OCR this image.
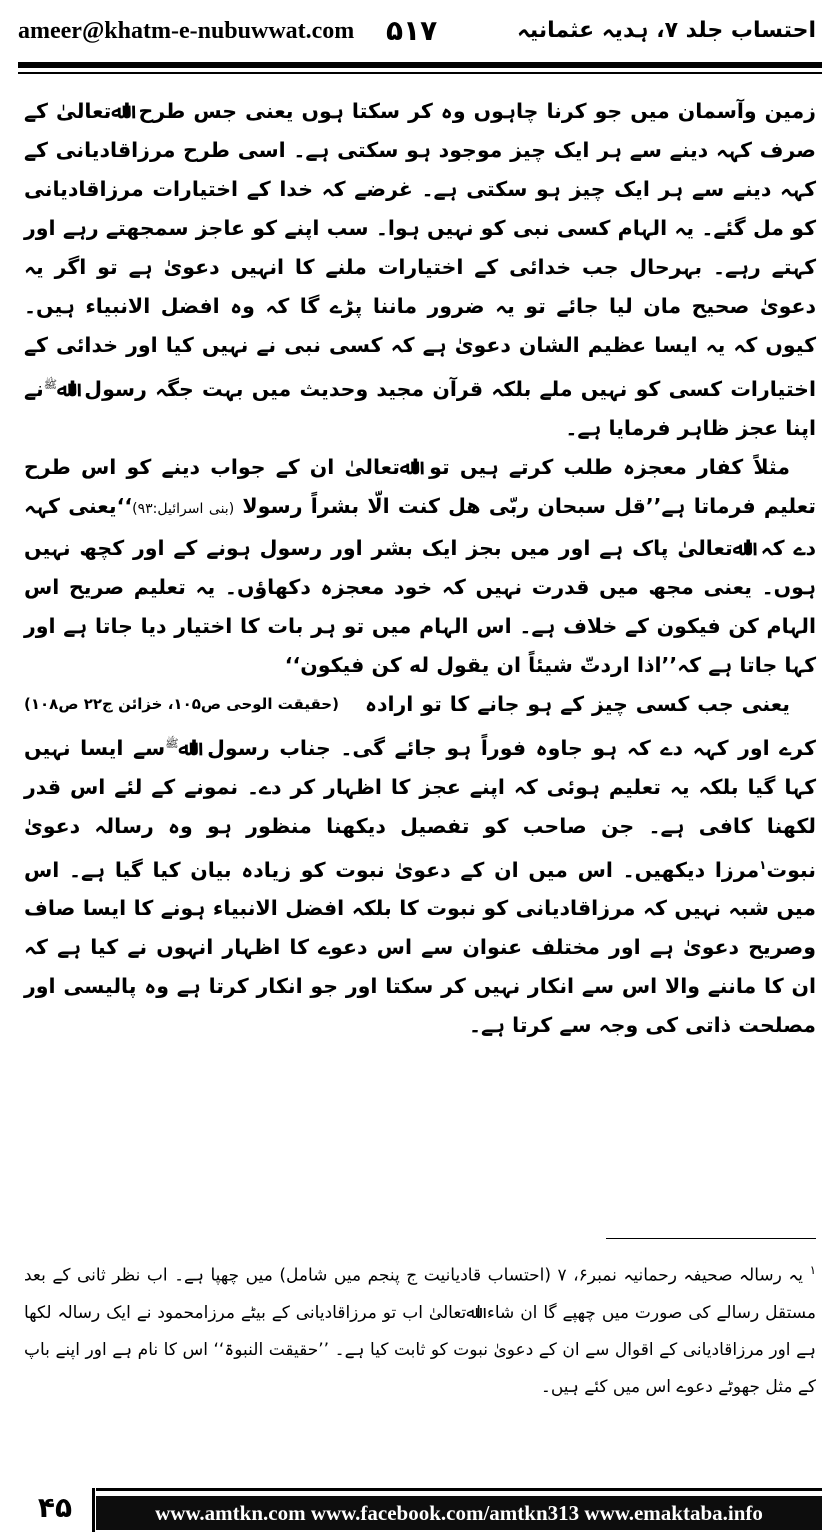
ameer@khatm-e-nubuwwat.com ۵۱۷	احتساب جلد ۷، ہدیہ عثمانیہ

زمین وآسمان میں جو کرنا چاہوں وہ کر سکتا ہوں یعنی جس طرح اﷲتعالیٰ کے صرف کہہ دینے سے ہر ایک چیز موجود ہو سکتی ہے۔ اسی طرح مرزاقادیانی کے کہہ دینے سے ہر ایک چیز ہو سکتی ہے۔ غرضے کہ خدا کے اختیارات مرزاقادیانی کو مل گئے۔ یہ الہام کسی نبی کو نہیں ہوا۔ سب اپنے کو عاجز سمجھتے رہے اور کہتے رہے۔ بہرحال جب خدائی کے اختیارات ملنے کا انہیں دعویٰ ہے تو اگر یہ دعویٰ صحیح مان لیا جائے تو یہ ضرور ماننا پڑے گا کہ وہ افضل الانبیاء ہیں۔ کیوں کہ یہ ایسا عظیم الشان دعویٰ ہے کہ کسی نبی نے نہیں کیا اور خدائی کے اختیارات کسی کو نہیں ملے بلکہ قرآن مجید وحدیث میں بہت جگہ رسول اﷲ$^ﷺ$نے اپنا عجز ظاہر فرمایا ہے۔

مثلاً کفار معجزہ طلب کرتے ہیں تو اﷲتعالیٰ ان کے جواب دینے کو اس طرح تعلیم فرماتا ہے’’قل سبحان ربّی هل کنت الّا بشراً رسولا (بنی اسرائیل:۹۳)‘‘یعنی کہہ دے کہ اﷲتعالیٰ پاک ہے اور میں بجز ایک بشر اور رسول ہونے کے اور کچھ نہیں ہوں۔ یعنی مجھ میں قدرت نہیں کہ خود معجزہ دکھاؤں۔ یہ تعلیم صریح اس الہام کن فیکون کے خلاف ہے۔ اس الہام میں تو ہر بات کا اختیار دیا جاتا ہے اور کہا جاتا ہے کہ’’اذا اردتّ شیئاً ان یقول له کن فیکون‘‘
(حقیقت الوحی ص۱۰۵، خزائن ج۲۲ ص۱۰۸)	یعنی جب کسی چیز کے ہو جانے کا تو ارادہ کرے اور کہہ دے کہ ہو جاوہ فوراً ہو جائے گی۔ جناب رسول اﷲ$^ﷺ$سے ایسا نہیں کہا گیا بلکہ یہ تعلیم ہوئی کہ اپنے عجز کا اظہار کر دے۔ نمونے کے لئے اس قدر لکھنا کافی ہے۔ جن صاحب کو تفصیل دیکھنا منظور ہو وہ رسالہ دعویٰ نبوت$^۱$مرزا دیکھیں۔ اس میں ان کے دعویٰ نبوت کو زیادہ بیان کیا گیا ہے۔ اس میں شبہ نہیں کہ مرزاقادیانی کو نبوت کا بلکہ افضل الانبیاء ہونے کا ایسا صاف وصریح دعویٰ ہے اور مختلف عنوان سے اس دعوے کا اظہار انہوں نے کیا ہے کہ ان کا ماننے والا اس سے انکار نہیں کر سکتا اور جو انکار کرتا ہے وہ پالیسی اور مصلحت ذاتی کی وجہ سے کرتا ہے۔

$^۱$ یہ رسالہ صحیفہ رحمانیہ نمبر۶، ۷ (احتساب قادیانیت ج پنجم میں شامل) میں چھپا ہے۔ اب نظر ثانی کے بعد مستقل رسالے کی صورت میں چھپے گا ان شاء اﷲتعالیٰ اب تو مرزاقادیانی کے بیٹے مرزامحمود نے ایک رسالہ لکھا ہے اور مرزاقادیانی کے اقوال سے ان کے دعویٰ نبوت کو ثابت کیا ہے۔ ’’حقیقت النبوۃ‘‘ اس کا نام ہے اور اپنے باپ کے مثل جھوٹے دعوے اس میں کئے ہیں۔

۴۵	www.amtkn.com www.facebook.com/amtkn313 www.emaktaba.info
